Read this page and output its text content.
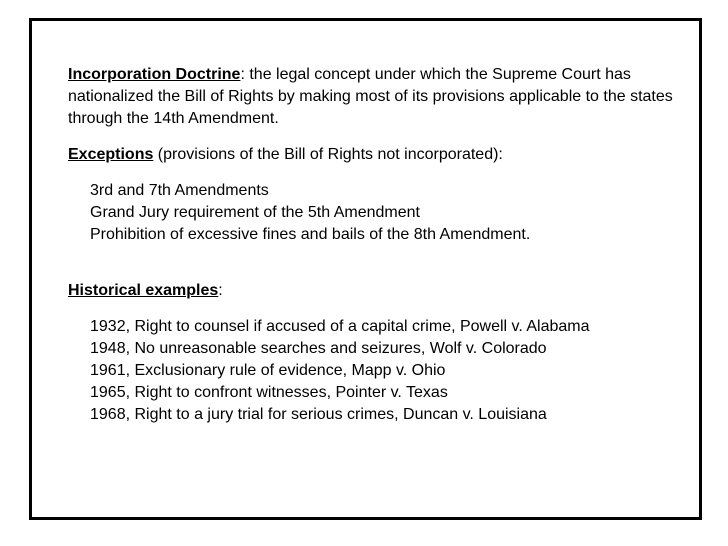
Incorporation Doctrine: the legal concept under which the Supreme Court has nationalized the Bill of Rights by making most of its provisions applicable to the states through the 14th Amendment.

Exceptions (provisions of the Bill of Rights not incorporated):

3rd and 7th Amendments
Grand Jury requirement of the 5th Amendment
Prohibition of excessive fines and bails of the 8th Amendment.

Historical examples:

1932, Right to counsel if accused of a capital crime, Powell v. Alabama
1948, No unreasonable searches and seizures, Wolf v. Colorado
1961, Exclusionary rule of evidence, Mapp v. Ohio
1965, Right to confront witnesses, Pointer v. Texas
1968, Right to a jury trial for serious crimes, Duncan v. Louisiana
